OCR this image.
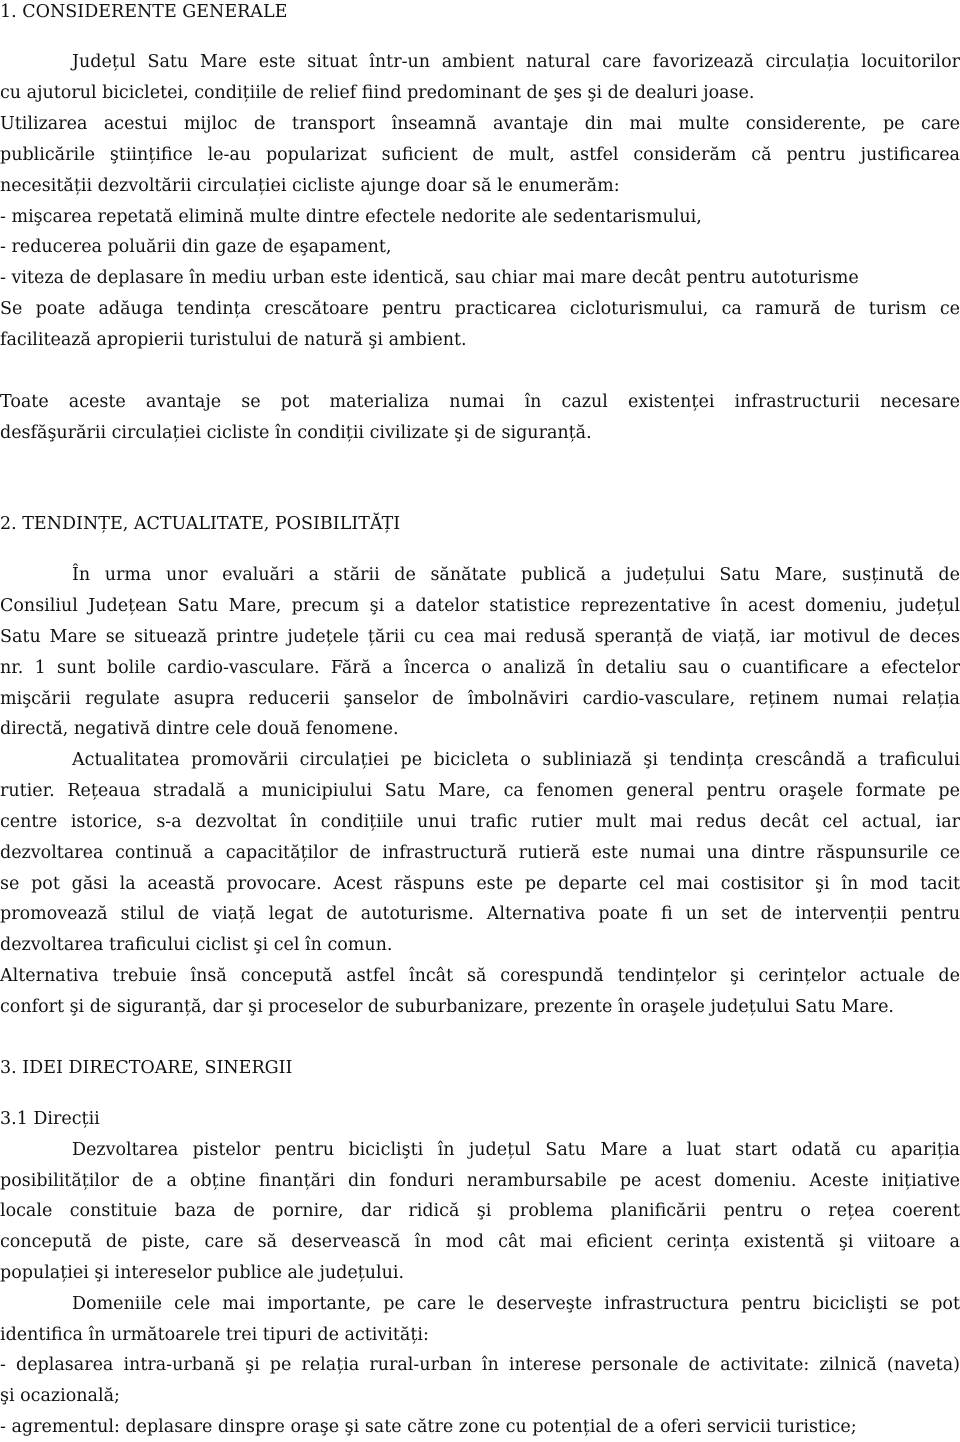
1. CONSIDERENTE GENERALE

Județul Satu Mare este situat într-un ambient natural care favorizează circulația locuitorilor

cu ajutorul bicicletei, condițiile de relief fiind predominant de şes şi de dealuri joase.

Utilizarea acestui mijloc de transport înseamnă avantaje din mai multe considerente, pe care

publicările ştiințifice le-au popularizat suficient de mult, astfel considerăm că pentru justificarea

necesității dezvoltării circulației cicliste ajunge doar să le enumerăm:

- mişcarea repetată elimină multe dintre efectele nedorite ale sedentarismului,

- reducerea poluării din gaze de eşapament,

- viteza de deplasare în mediu urban este identică, sau chiar mai mare decât pentru autoturisme

Se poate adăuga tendința crescătoare pentru practicarea cicloturismului, ca ramură de turism ce

facilitează apropierii turistului de natură şi ambient.

Toate aceste avantaje se pot materializa numai în cazul existenței infrastructurii necesare

desfăşurării circulației cicliste în condiții civilizate şi de siguranță.

2. TENDINȚE, ACTUALITATE, POSIBILITĂȚI

În urma unor evaluări a stării de sănătate publică a județului Satu Mare, susținută de

Consiliul Județean Satu Mare, precum şi a datelor statistice reprezentative în acest domeniu, județul

Satu Mare se situează printre județele țării cu cea mai redusă speranță de viață, iar motivul de deces

nr. 1 sunt bolile cardio-vasculare. Fără a încerca o analiză în detaliu sau o cuantificare a efectelor

mişcării regulate asupra reducerii şanselor de îmbolnăviri cardio-vasculare, reținem numai relația

directă, negativă dintre cele două fenomene.

Actualitatea promovării circulației pe bicicleta o subliniază şi tendința crescândă a traficului

rutier. Rețeaua stradală a municipiului Satu Mare, ca fenomen general pentru oraşele formate pe

centre istorice, s-a dezvoltat în condițiile unui trafic rutier mult mai redus decât cel actual, iar

dezvoltarea continuă a capacităților de infrastructură rutieră este numai una dintre răspunsurile ce

se pot găsi la această provocare. Acest răspuns este pe departe cel mai costisitor şi în mod tacit

promovează stilul de viață legat de autoturisme. Alternativa poate fi un set de intervenții pentru

dezvoltarea traficului ciclist şi cel în comun.

Alternativa trebuie însă concepută astfel încât să corespundă tendințelor şi cerințelor actuale de

confort şi de siguranță, dar şi proceselor de suburbanizare, prezente în oraşele județului Satu Mare.

3. IDEI DIRECTOARE, SINERGII

3.1 Direcții

Dezvoltarea pistelor pentru biciclişti în județul Satu Mare a luat start odată cu apariția

posibilităților de a obține finanțări din fonduri nerambursabile pe acest domeniu. Aceste inițiative

locale constituie baza de pornire, dar ridică şi problema planificării pentru o rețea coerent

concepută de piste, care să deservească în mod cât mai eficient cerința existentă şi viitoare a

populației şi intereselor publice ale județului.

Domeniile cele mai importante, pe care le deserveşte infrastructura pentru biciclişti se pot

identifica în următoarele trei tipuri de activități:

- deplasarea intra-urbană şi pe relația rural-urban în interese personale de activitate: zilnică (naveta)

şi ocazională;

- agrementul: deplasare dinspre oraşe şi sate către zone cu potențial de a oferi servicii turistice;
